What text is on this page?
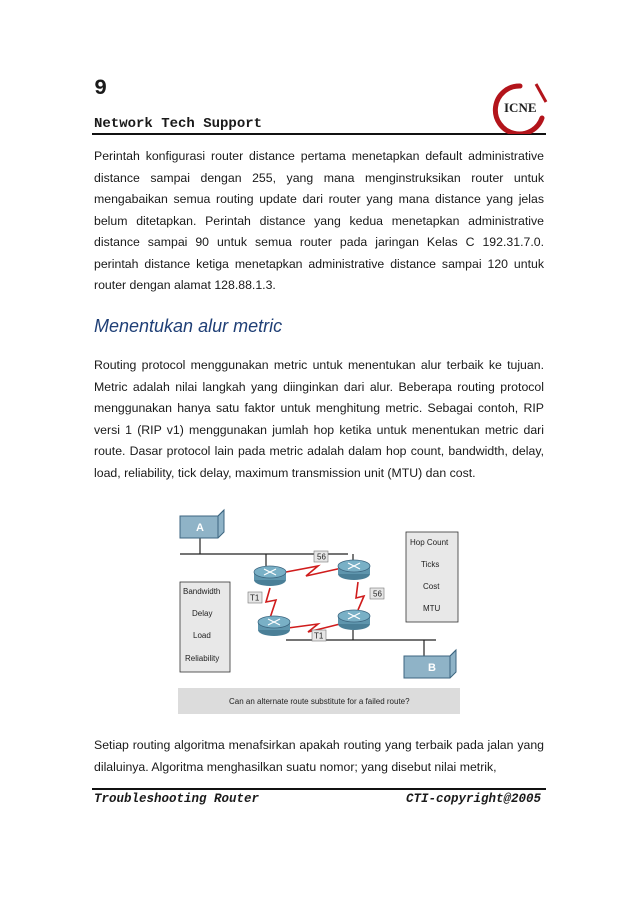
9
Network Tech Support
ICNE

Perintah konfigurasi router distance pertama menetapkan default administrative distance sampai dengan 255, yang mana menginstruksikan router untuk mengabaikan semua routing update dari router yang mana distance yang jelas belum ditetapkan. Perintah distance yang kedua menetapkan administrative distance sampai 90 untuk semua router pada jaringan Kelas C 192.31.7.0. perintah distance ketiga menetapkan administrative distance sampai 120 untuk router dengan alamat 128.88.1.3.

Menentukan alur metric

Routing protocol menggunakan metric untuk menentukan alur terbaik ke tujuan. Metric adalah nilai langkah yang diinginkan dari alur. Beberapa routing protocol menggunakan hanya satu faktor untuk menghitung metric. Sebagai contoh, RIP versi 1 (RIP v1) menggunakan jumlah hop ketika untuk menentukan metric dari route. Dasar protocol lain pada metric adalah dalam hop count, bandwidth, delay, load, reliability, tick delay, maximum transmission unit (MTU) dan cost.

A
B
56
T1	56
T1
Bandwidth
Delay
Load
Reliability
Hop Count
Ticks
Cost
MTU
Can an alternate route substitute for a failed route?

Setiap routing algoritma menafsirkan apakah routing yang terbaik pada jalan yang dilaluinya. Algoritma menghasilkan suatu nomor; yang disebut nilai metrik,

Troubleshooting Router	CTI-copyright@2005
